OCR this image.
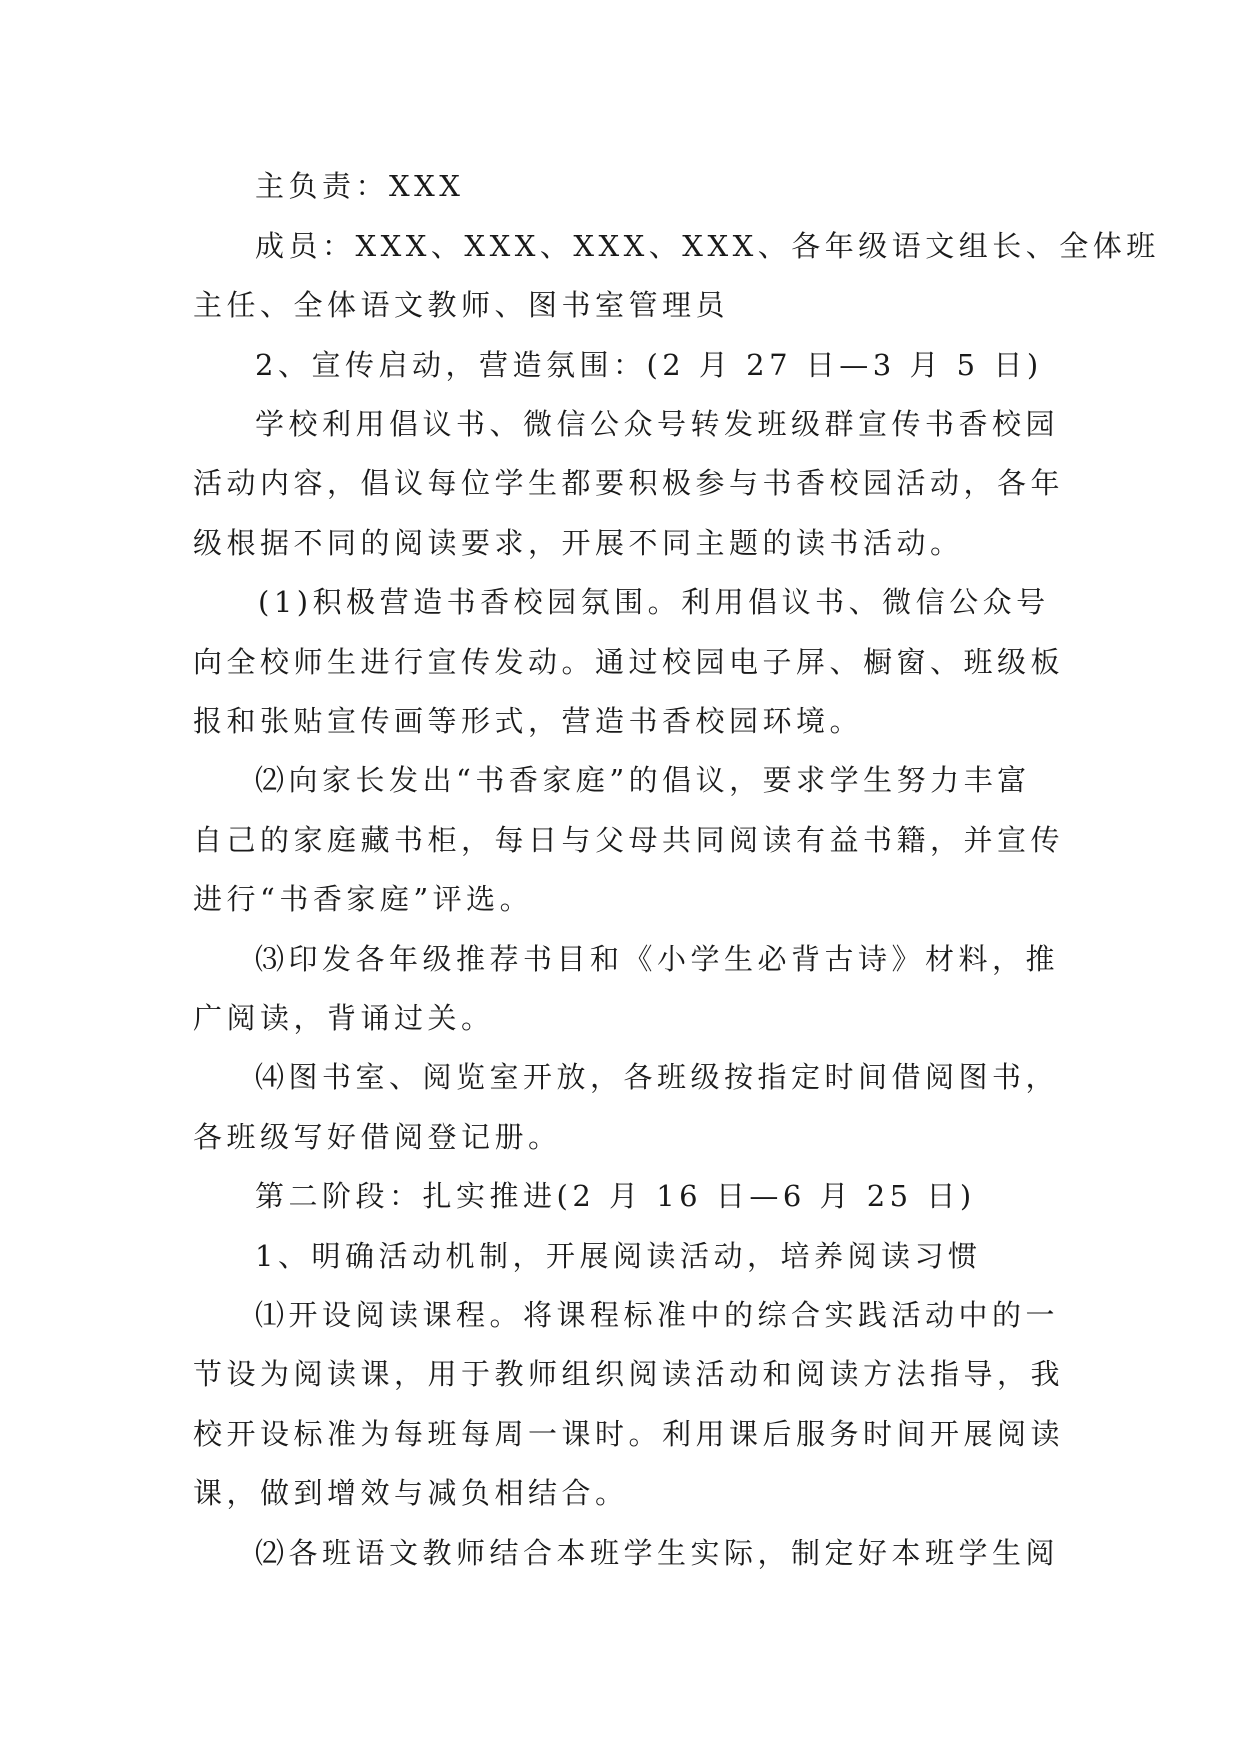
主负责：XXX
成员：XXX、XXX、XXX、XXX、各年级语文组长、全体班
主任、全体语文教师、图书室管理员
2、宣传启动，营造氛围：(2 月 27 日—3 月 5 日)
学校利用倡议书、微信公众号转发班级群宣传书香校园
活动内容，倡议每位学生都要积极参与书香校园活动，各年
级根据不同的阅读要求，开展不同主题的读书活动。
(1)积极营造书香校园氛围。利用倡议书、微信公众号
向全校师生进行宣传发动。通过校园电子屏、橱窗、班级板
报和张贴宣传画等形式，营造书香校园环境。
⑵向家长发出“书香家庭”的倡议，要求学生努力丰富
自己的家庭藏书柜，每日与父母共同阅读有益书籍，并宣传
进行“书香家庭”评选。
⑶印发各年级推荐书目和《小学生必背古诗》材料，推
广阅读，背诵过关。
⑷图书室、阅览室开放，各班级按指定时间借阅图书，
各班级写好借阅登记册。
第二阶段：扎实推进(2 月 16 日—6 月 25 日)
1、明确活动机制，开展阅读活动，培养阅读习惯
⑴开设阅读课程。将课程标准中的综合实践活动中的一
节设为阅读课，用于教师组织阅读活动和阅读方法指导，我
校开设标准为每班每周一课时。利用课后服务时间开展阅读
课，做到增效与减负相结合。
⑵各班语文教师结合本班学生实际，制定好本班学生阅
